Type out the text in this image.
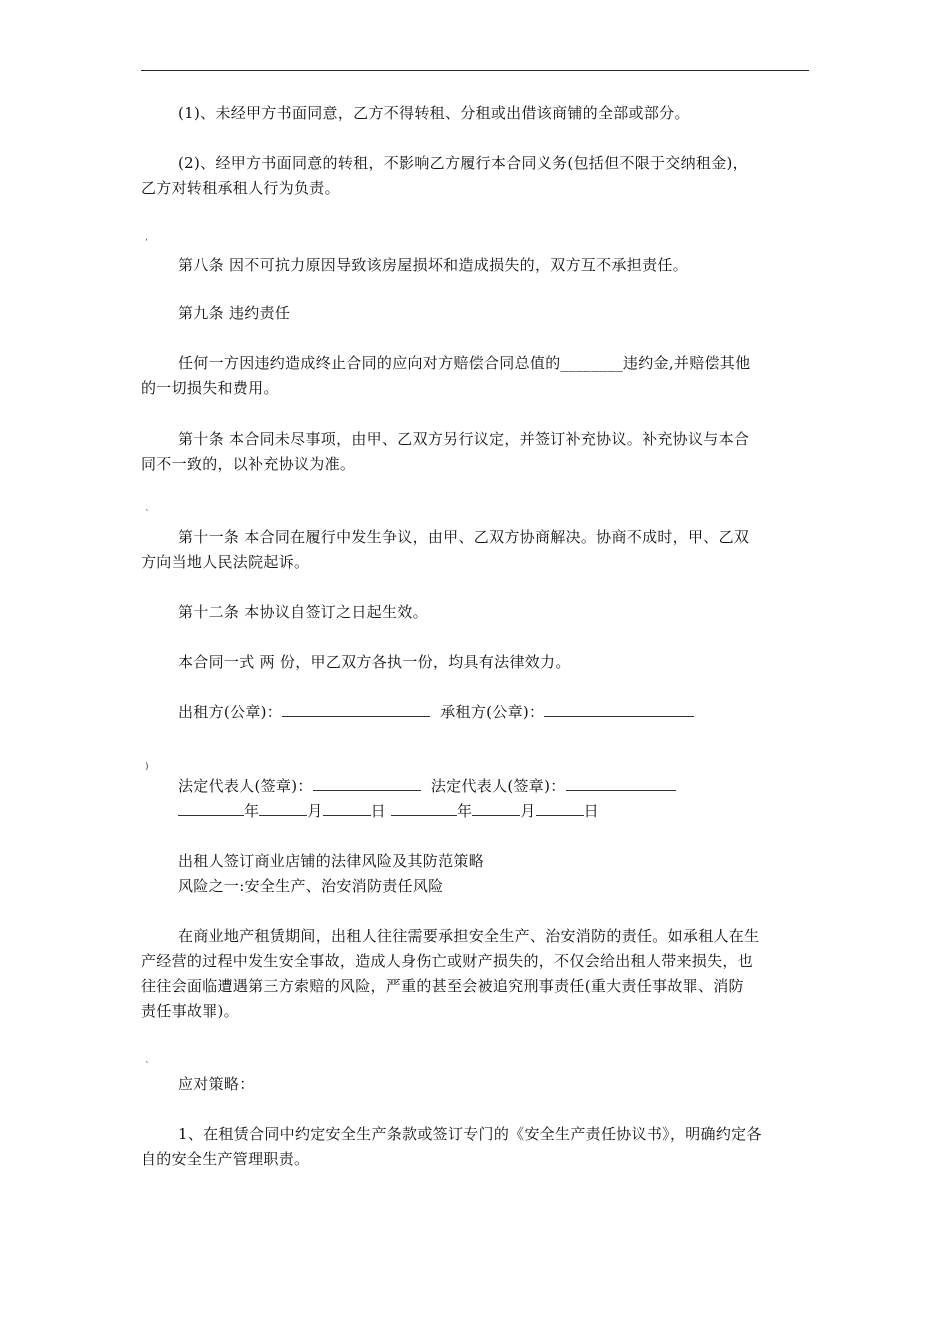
(1)、未经甲方书面同意，乙方不得转租、分租或出借该商铺的全部或部分。
(2)、经甲方书面同意的转租，不影响乙方履行本合同义务(包括但不限于交纳租金)，
乙方对转租承租人行为负责。
‘
第八条 因不可抗力原因导致该房屋损坏和造成损失的，双方互不承担责任。
第九条 违约责任
任何一方因违约造成终止合同的应向对方赔偿合同总值的________违约金,并赔偿其他
的一切损失和费用。
第十条 本合同未尽事项，由甲、乙双方另行议定，并签订补充协议。补充协议与本合
同不一致的，以补充协议为准。
`
第十一条 本合同在履行中发生争议，由甲、乙双方协商解决。协商不成时，甲、乙双
方向当地人民法院起诉。
第十二条 本协议自签订之日起生效。
本合同一式 两 份，甲乙双方各执一份，均具有法律效力。
出租方(公章)：	承租方(公章)：
)
法定代表人(签章)：	法定代表人(签章)：
年	月	日	年	月	日
出租人签订商业店铺的法律风险及其防范策略
风险之一:安全生产、治安消防责任风险
在商业地产租赁期间，出租人往往需要承担安全生产、治安消防的责任。如承租人在生
产经营的过程中发生安全事故，造成人身伤亡或财产损失的，不仅会给出租人带来损失，也
往往会面临遭遇第三方索赔的风险，严重的甚至会被追究刑事责任(重大责任事故罪、消防
责任事故罪)。
`
应对策略：
1、在租赁合同中约定安全生产条款或签订专门的《安全生产责任协议书》，明确约定各
自的安全生产管理职责。
